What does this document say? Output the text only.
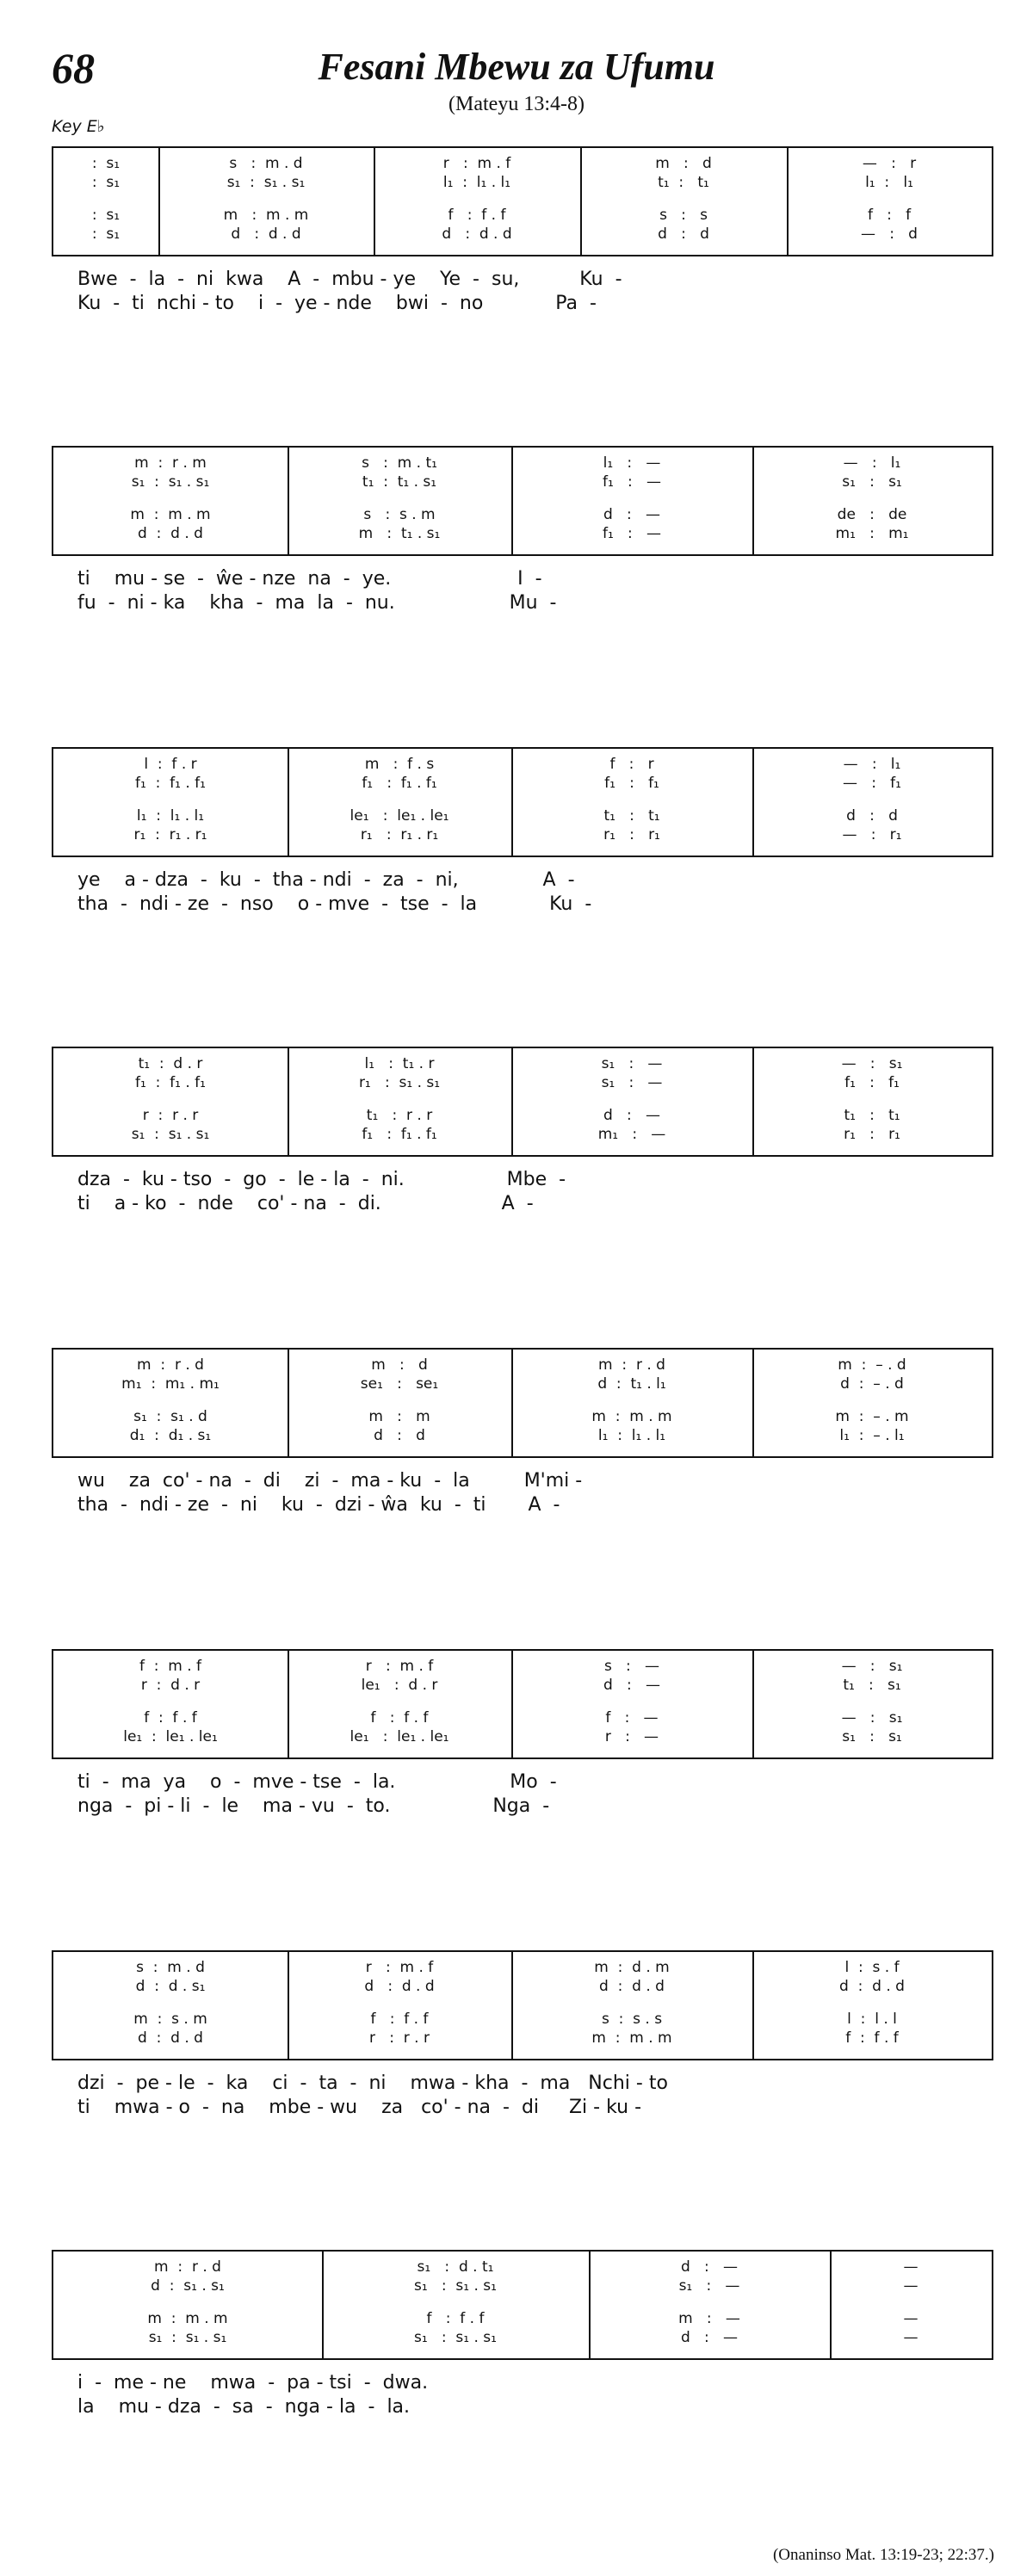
68	Fesani Mbewu za Ufumu
(Mateyu 13:4-8)
Key E♭
:  s₁	s   :  m . d	r   :  m . f	m   :   d	—   :   r
:  s₁	s₁  :  s₁ . s₁	l₁  :  l₁ . l₁	t₁  :   t₁	l₁  :   l₁
:  s₁	m   :  m . m	f   :  f . f	s   :   s	f   :   f
:  s₁	d   :  d . d	d   :  d . d	d   :   d	—   :   d
Bwe  -  la  -  ni  kwa    A  -  mbu - ye    Ye  -  su,          Ku  -
Ku  -  ti  nchi - to    i  -  ye - nde    bwi  -  no            Pa  -
m  :  r . m	s   :  m . t₁	l₁   :   —	—   :   l₁
s₁  :  s₁ . s₁	t₁  :  t₁ . s₁	f₁   :   —	s₁   :   s₁
m  :  m . m	s   :  s . m	d   :   —	de   :   de
d  :  d . d	m   :  t₁ . s₁	f₁   :   —	m₁   :   m₁
ti    mu - se  -  ŵe - nze  na  -  ye.                     I  -
fu  -  ni - ka    kha  -  ma  la  -  nu.                   Mu  -
l  :  f . r	m   :  f . s	f   :   r	—   :   l₁
f₁  :  f₁ . f₁	f₁   :  f₁ . f₁	f₁   :   f₁	—   :   f₁
l₁  :  l₁ . l₁	le₁   :  le₁ . le₁	t₁   :   t₁	d   :   d
r₁  :  r₁ . r₁	r₁   :  r₁ . r₁	r₁   :   r₁	—   :   r₁
ye    a - dza  -  ku  -  tha - ndi  -  za  -  ni,              A  -
tha  -  ndi - ze  -  nso    o - mve  -  tse  -  la            Ku  -
t₁  :  d . r	l₁   :  t₁ . r	s₁   :   —	—   :   s₁
f₁  :  f₁ . f₁	r₁   :  s₁ . s₁	s₁   :   —	f₁   :   f₁
r  :  r . r	t₁   :  r . r	d   :   —	t₁   :   t₁
s₁  :  s₁ . s₁	f₁   :  f₁ . f₁	m₁   :   —	r₁   :   r₁
dza  -  ku - tso  -  go  -  le - la  -  ni.                 Mbe  -
ti    a - ko  -  nde    co' - na  -  di.                    A  -
m  :  r . d	m   :   d	m  :  r . d	m  :  – . d
m₁  :  m₁ . m₁	se₁   :   se₁	d  :  t₁ . l₁	d  :  – . d
s₁  :  s₁ . d	m   :   m	m  :  m . m	m  :  – . m
d₁  :  d₁ . s₁	d   :   d	l₁  :  l₁ . l₁	l₁  :  – . l₁
wu    za  co' - na  -  di    zi  -  ma - ku  -  la         M'mi -
tha  -  ndi - ze  -  ni    ku  -  dzi - ŵa  ku  -  ti       A  -
f  :  m . f	r   :  m . f	s   :   —	—   :   s₁
r  :  d . r	le₁   :  d . r	d   :   —	t₁   :   s₁
f  :  f . f	f   :  f . f	f   :   —	—   :   s₁
le₁  :  le₁ . le₁	le₁   :  le₁ . le₁	r   :   —	s₁   :   s₁
ti  -  ma  ya    o  -  mve - tse  -  la.                   Mo  -
nga  -  pi - li  -  le    ma - vu  -  to.                 Nga  -
s  :  m . d	r   :  m . f	m  :  d . m	l  :  s . f
d  :  d . s₁	d   :  d . d	d  :  d . d	d  :  d . d
m  :  s . m	f   :  f . f	s  :  s . s	l  :  l . l
d  :  d . d	r   :  r . r	m  :  m . m	f  :  f . f
dzi  -  pe - le  -  ka    ci  -  ta  -  ni    mwa - kha  -  ma   Nchi - to
ti    mwa - o  -  na    mbe - wu    za   co' - na  -  di     Zi - ku -
m  :  r . d	s₁   :  d . t₁	d   :   —	—
d  :  s₁ . s₁	s₁   :  s₁ . s₁	s₁   :   —	—
m  :  m . m	f   :  f . f	m   :   —	—
s₁  :  s₁ . s₁	s₁   :  s₁ . s₁	d   :   —	—
i  -  me - ne    mwa  -  pa - tsi  -  dwa.
la    mu - dza  -  sa  -  nga - la  -  la.
(Onaninso Mat. 13:19-23; 22:37.)
